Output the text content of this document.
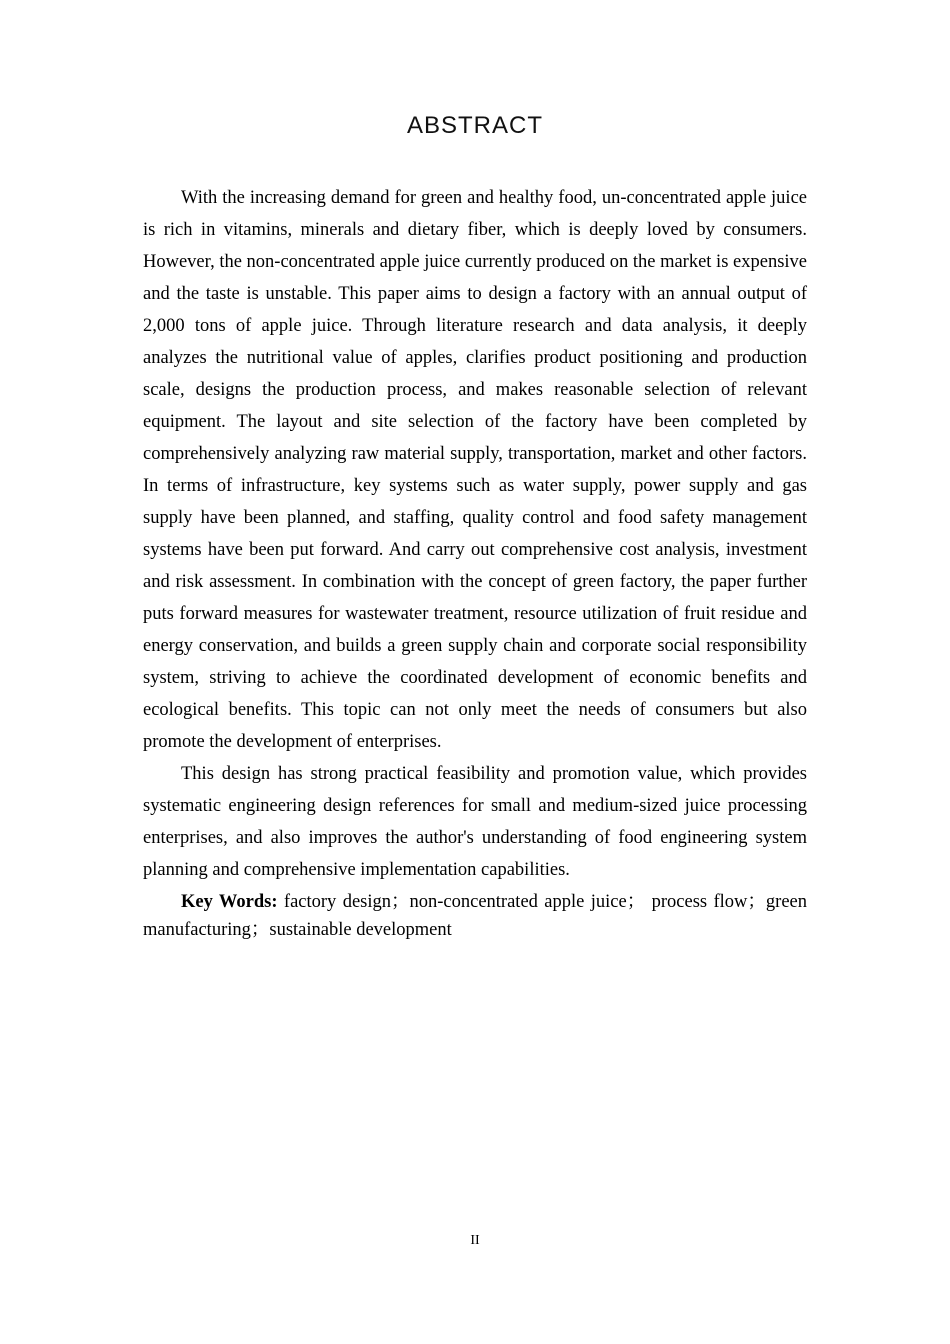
ABSTRACT

With the increasing demand for green and healthy food, un-concentrated apple juice is rich in vitamins, minerals and dietary fiber, which is deeply loved by consumers. However, the non-concentrated apple juice currently produced on the market is expensive and the taste is unstable. This paper aims to design a factory with an annual output of 2,000 tons of apple juice. Through literature research and data analysis, it deeply analyzes the nutritional value of apples, clarifies product positioning and production scale, designs the production process, and makes reasonable selection of relevant equipment. The layout and site selection of the factory have been completed by comprehensively analyzing raw material supply, transportation, market and other factors. In terms of infrastructure, key systems such as water supply, power supply and gas supply have been planned, and staffing, quality control and food safety management systems have been put forward. And carry out comprehensive cost analysis, investment and risk assessment. In combination with the concept of green factory, the paper further puts forward measures for wastewater treatment, resource utilization of fruit residue and energy conservation, and builds a green supply chain and corporate social responsibility system, striving to achieve the coordinated development of economic benefits and ecological benefits. This topic can not only meet the needs of consumers but also promote the development of enterprises.

This design has strong practical feasibility and promotion value, which provides systematic engineering design references for small and medium-sized juice processing enterprises, and also improves the author's understanding of food engineering system planning and comprehensive implementation capabilities.

Key Words: factory design；non-concentrated apple juice； process flow；green manufacturing；sustainable development

II
